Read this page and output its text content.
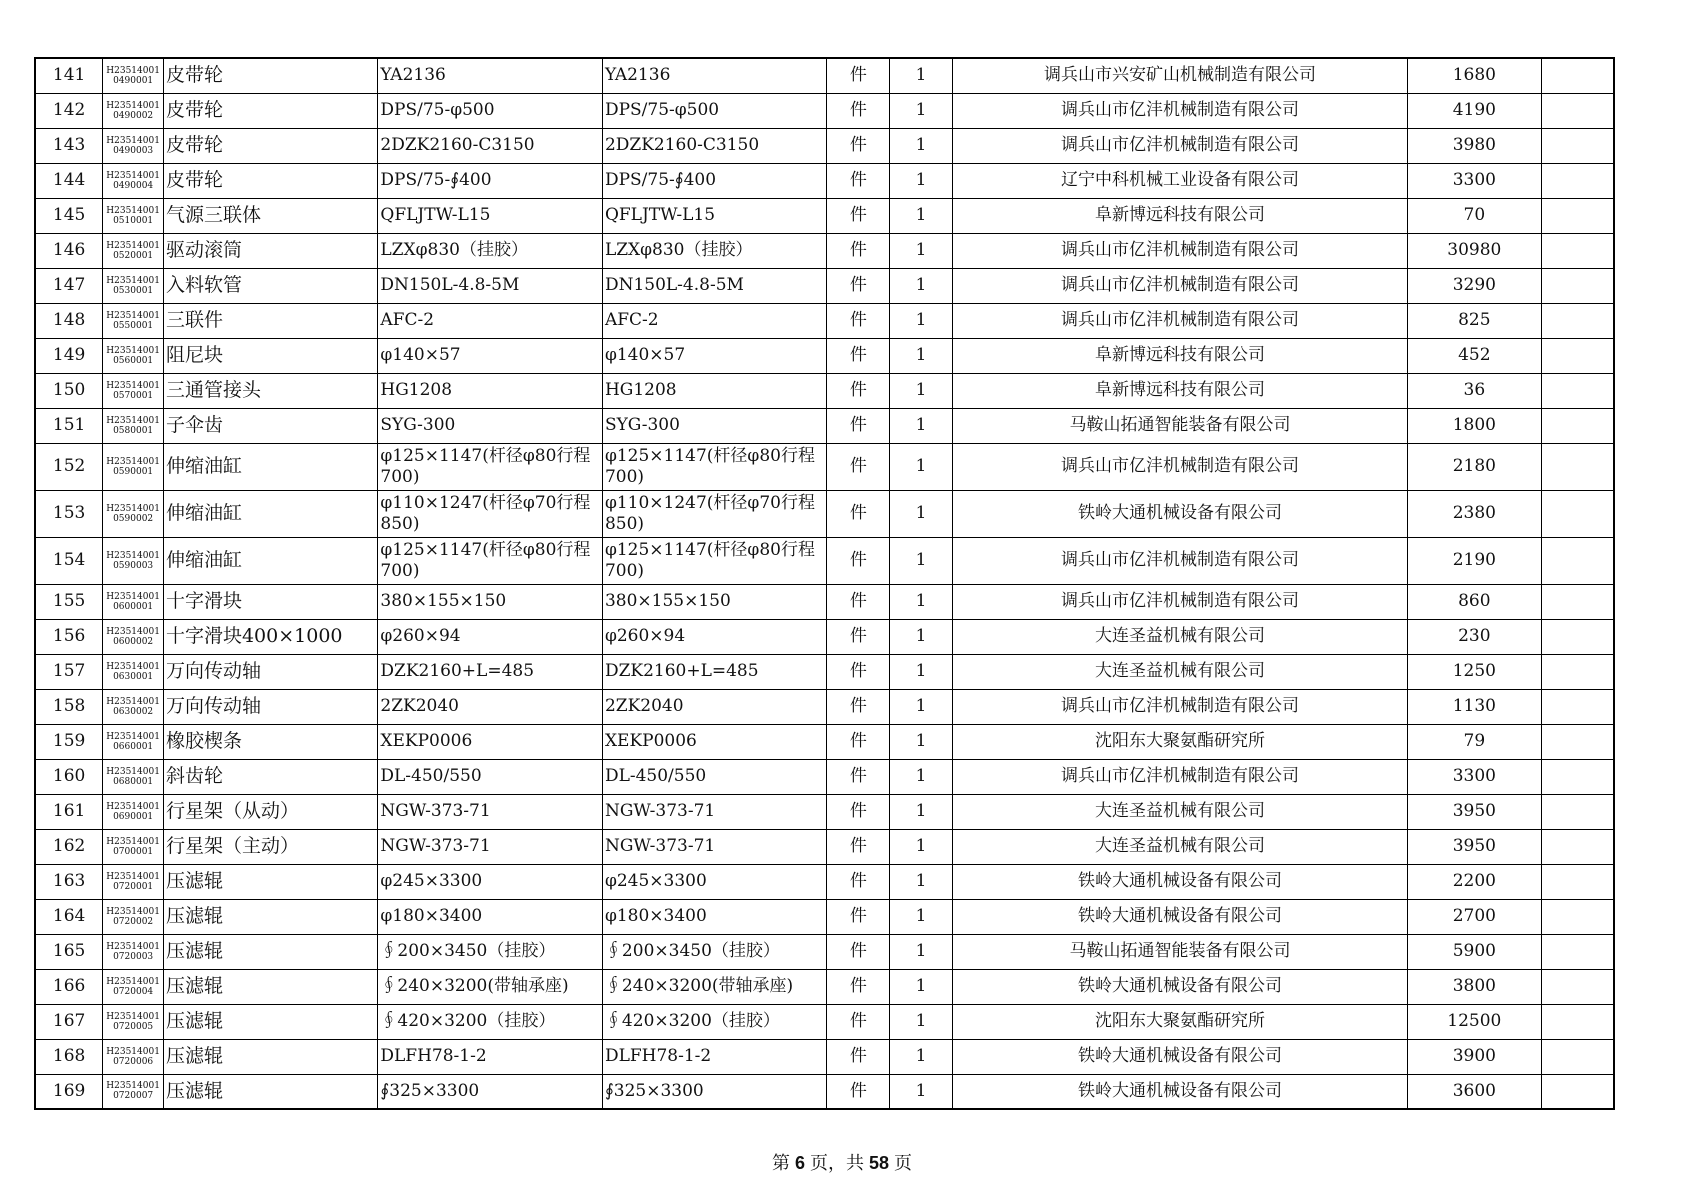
141	H235140010490001	皮带轮	YA2136	YA2136	件	1	调兵山市兴安矿山机械制造有限公司	1680	
142	H235140010490002	皮带轮	DPS/75-φ500	DPS/75-φ500	件	1	调兵山市亿沣机械制造有限公司	4190	
143	H235140010490003	皮带轮	2DZK2160-C3150	2DZK2160-C3150	件	1	调兵山市亿沣机械制造有限公司	3980	
144	H235140010490004	皮带轮	DPS/75-∮400	DPS/75-∮400	件	1	辽宁中科机械工业设备有限公司	3300	
145	H235140010510001	气源三联体	QFLJTW-L15	QFLJTW-L15	件	1	阜新博远科技有限公司	70	
146	H235140010520001	驱动滚筒	LZXφ830（挂胶）	LZXφ830（挂胶）	件	1	调兵山市亿沣机械制造有限公司	30980	
147	H235140010530001	入料软管	DN150L-4.8-5M	DN150L-4.8-5M	件	1	调兵山市亿沣机械制造有限公司	3290	
148	H235140010550001	三联件	AFC-2	AFC-2	件	1	调兵山市亿沣机械制造有限公司	825	
149	H235140010560001	阻尼块	φ140×57	φ140×57	件	1	阜新博远科技有限公司	452	
150	H235140010570001	三通管接头	HG1208	HG1208	件	1	阜新博远科技有限公司	36	
151	H235140010580001	子伞齿	SYG-300	SYG-300	件	1	马鞍山拓通智能装备有限公司	1800	
152	H235140010590001	伸缩油缸	φ125×1147(杆径φ80行程700)	φ125×1147(杆径φ80行程700)	件	1	调兵山市亿沣机械制造有限公司	2180	
153	H235140010590002	伸缩油缸	φ110×1247(杆径φ70行程850)	φ110×1247(杆径φ70行程850)	件	1	铁岭大通机械设备有限公司	2380	
154	H235140010590003	伸缩油缸	φ125×1147(杆径φ80行程700)	φ125×1147(杆径φ80行程700)	件	1	调兵山市亿沣机械制造有限公司	2190	
155	H235140010600001	十字滑块	380×155×150	380×155×150	件	1	调兵山市亿沣机械制造有限公司	860	
156	H235140010600002	十字滑块400×1000	φ260×94	φ260×94	件	1	大连圣益机械有限公司	230	
157	H235140010630001	万向传动轴	DZK2160+L=485	DZK2160+L=485	件	1	大连圣益机械有限公司	1250	
158	H235140010630002	万向传动轴	2ZK2040	2ZK2040	件	1	调兵山市亿沣机械制造有限公司	1130	
159	H235140010660001	橡胶楔条	XEKP0006	XEKP0006	件	1	沈阳东大聚氨酯研究所	79	
160	H235140010680001	斜齿轮	DL-450/550	DL-450/550	件	1	调兵山市亿沣机械制造有限公司	3300	
161	H235140010690001	行星架（从动）	NGW-373-71	NGW-373-71	件	1	大连圣益机械有限公司	3950	
162	H235140010700001	行星架（主动）	NGW-373-71	NGW-373-71	件	1	大连圣益机械有限公司	3950	
163	H235140010720001	压滤辊	φ245×3300	φ245×3300	件	1	铁岭大通机械设备有限公司	2200	
164	H235140010720002	压滤辊	φ180×3400	φ180×3400	件	1	铁岭大通机械设备有限公司	2700	
165	H235140010720003	压滤辊	∮200×3450（挂胶）	∮200×3450（挂胶）	件	1	马鞍山拓通智能装备有限公司	5900	
166	H235140010720004	压滤辊	∮240×3200(带轴承座)	∮240×3200(带轴承座)	件	1	铁岭大通机械设备有限公司	3800	
167	H235140010720005	压滤辊	∮420×3200（挂胶）	∮420×3200（挂胶）	件	1	沈阳东大聚氨酯研究所	12500	
168	H235140010720006	压滤辊	DLFH78-1-2	DLFH78-1-2	件	1	铁岭大通机械设备有限公司	3900	
169	H235140010720007	压滤辊	∮325×3300	∮325×3300	件	1	铁岭大通机械设备有限公司	3600	
第 6 页，共 58 页
